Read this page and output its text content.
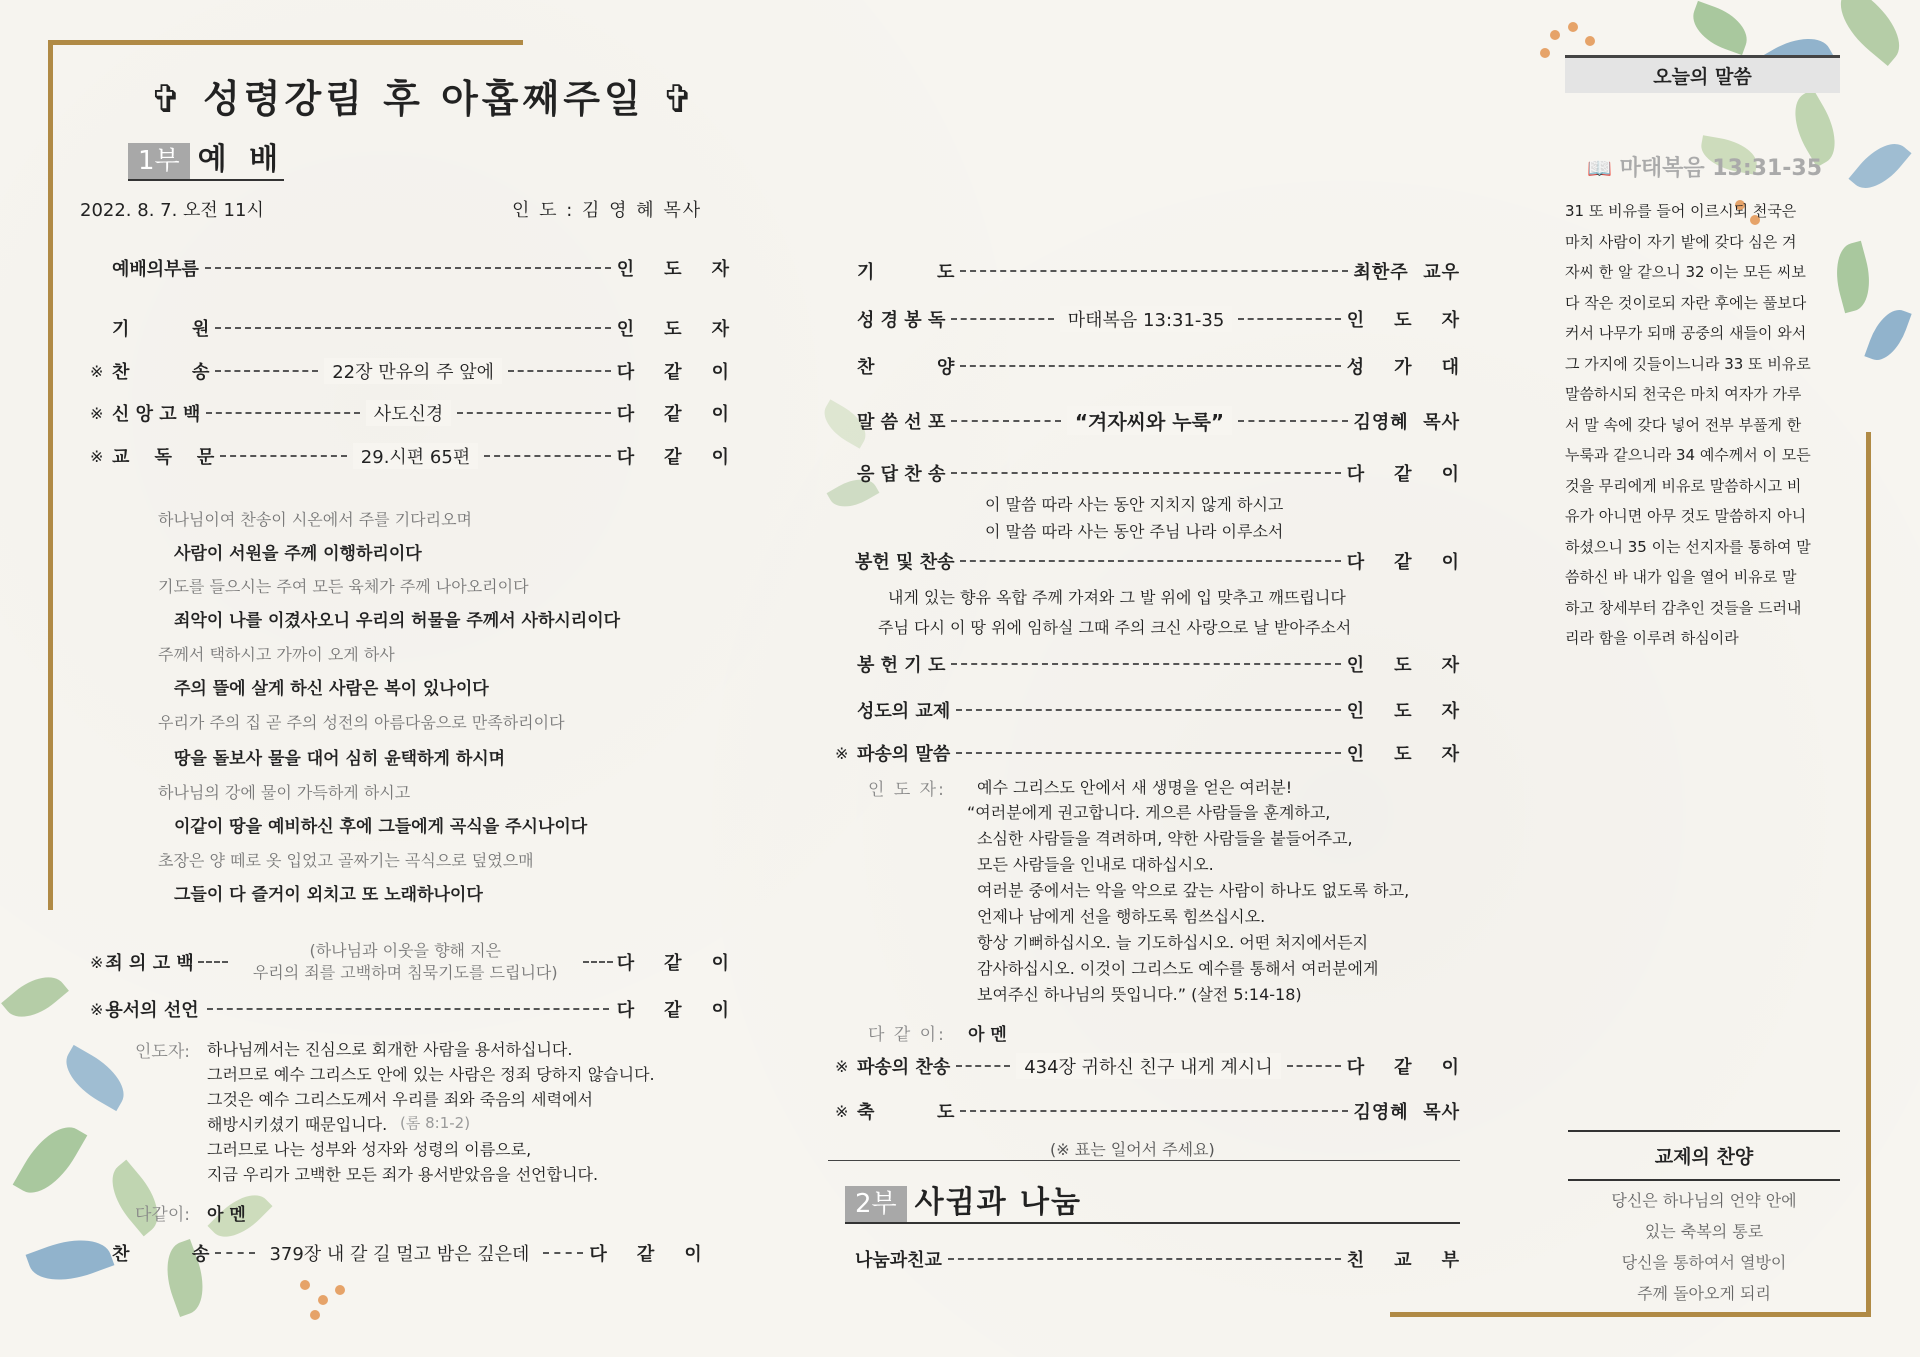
✞ 성령강림 후 아홉째주일 ✞
1부 예 배
2022. 8. 7. 오전 11시	인 도 : 김 영 혜 목사
예배의부름	인    도    자
기          원	인    도    자
※ 찬          송	22장 만유의 주 앞에	다    같    이
※ 신 앙 고 백	사도신경	다    같    이
※ 교    독    문	29.시편 65편	다    같    이
하나님이여 찬송이 시온에서 주를 기다리오며
사람이 서원을 주께 이행하리이다
기도를 들으시는 주여 모든 육체가 주께 나아오리이다
죄악이 나를 이겼사오니 우리의 허물을 주께서 사하시리이다
주께서 택하시고 가까이 오게 하사
주의 뜰에 살게 하신 사람은 복이 있나이다
우리가 주의 집 곧 주의 성전의 아름다움으로 만족하리이다
땅을 돌보사 물을 대어 심히 윤택하게 하시며
하나님의 강에 물이 가득하게 하시고
이같이 땅을 예비하신 후에 그들에게 곡식을 주시나이다
초장은 양 떼로 옷 입었고 골짜기는 곡식으로 덮였으매
그들이 다 즐거이 외치고 또 노래하나이다
※ 죄 의 고 백
(하나님과 이웃을 향해 지은
우리의 죄를 고백하며 침묵기도를 드립니다)	다    같    이
※ 용서의 선언	다    같    이
인도자: 하나님께서는 진심으로 회개한 사람을 용서하십니다.
그러므로 예수 그리스도 안에 있는 사람은 정죄 당하지 않습니다.
그것은 예수 그리스도께서 우리를 죄와 죽음의 세력에서
해방시키셨기 때문입니다. (롬 8:1-2)
그러므로 나는 성부와 성자와 성령의 이름으로,
지금 우리가 고백한 모든 죄가 용서받았음을 선언합니다.
다같이: 아 멘
찬          송	379장 내 갈 길 멀고 밤은 깊은데	다    같    이
기          도	최한주  교우
성 경 봉 독	마태복음 13:31-35	인    도    자
찬          양	성    가    대
말 씀 선 포	“겨자씨와 누룩”	김영혜  목사
응 답 찬 송	다    같    이
이 말씀 따라 사는 동안 지치지 않게 하시고
이 말씀 따라 사는 동안 주님 나라 이루소서
봉헌 및 찬송	다    같    이
내게 있는 향유 옥합 주께 가져와 그 발 위에 입 맞추고 깨뜨립니다
주님 다시 이 땅 위에 임하실 그때 주의 크신 사랑으로 날 받아주소서
봉 헌 기 도	인    도    자
성도의 교제	인    도    자
※ 파송의 말씀	인    도    자
인 도 자: 예수 그리스도 안에서 새 생명을 얻은 여러분!
“여러분에게 권고합니다. 게으른 사람들을 훈계하고,
소심한 사람들을 격려하며, 약한 사람들을 붙들어주고,
모든 사람들을 인내로 대하십시오.
여러분 중에서는 악을 악으로 갚는 사람이 하나도 없도록 하고,
언제나 남에게 선을 행하도록 힘쓰십시오.
항상 기뻐하십시오. 늘 기도하십시오. 어떤 처지에서든지
감사하십시오. 이것이 그리스도 예수를 통해서 여러분에게
보여주신 하나님의 뜻입니다.” (살전 5:14-18)
다 같 이: 아 멘
※ 파송의 찬송	434장 귀하신 친구 내게 계시니	다    같    이
※ 축          도	김영혜  목사
(※ 표는 일어서 주세요)
2부 사귐과 나눔
나눔과친교	친    교    부
오늘의 말씀
📖 마태복음 13:31-35
31 또 비유를 들어 이르시되 천국은
마치 사람이 자기 밭에 갖다 심은 겨
자씨 한 알 같으니 32 이는 모든 씨보
다 작은 것이로되 자란 후에는 풀보다
커서 나무가 되매 공중의 새들이 와서
그 가지에 깃들이느니라 33 또 비유로
말씀하시되 천국은 마치 여자가 가루
서 말 속에 갖다 넣어 전부 부풀게 한
누룩과 같으니라 34 예수께서 이 모든
것을 무리에게 비유로 말씀하시고 비
유가 아니면 아무 것도 말씀하지 아니
하셨으니 35 이는 선지자를 통하여 말
씀하신 바 내가 입을 열어 비유로 말
하고 창세부터 감추인 것들을 드러내
리라 함을 이루려 하심이라
교제의 찬양
당신은 하나님의 언약 안에
있는 축복의 통로
당신을 통하여서 열방이
주께 돌아오게 되리
